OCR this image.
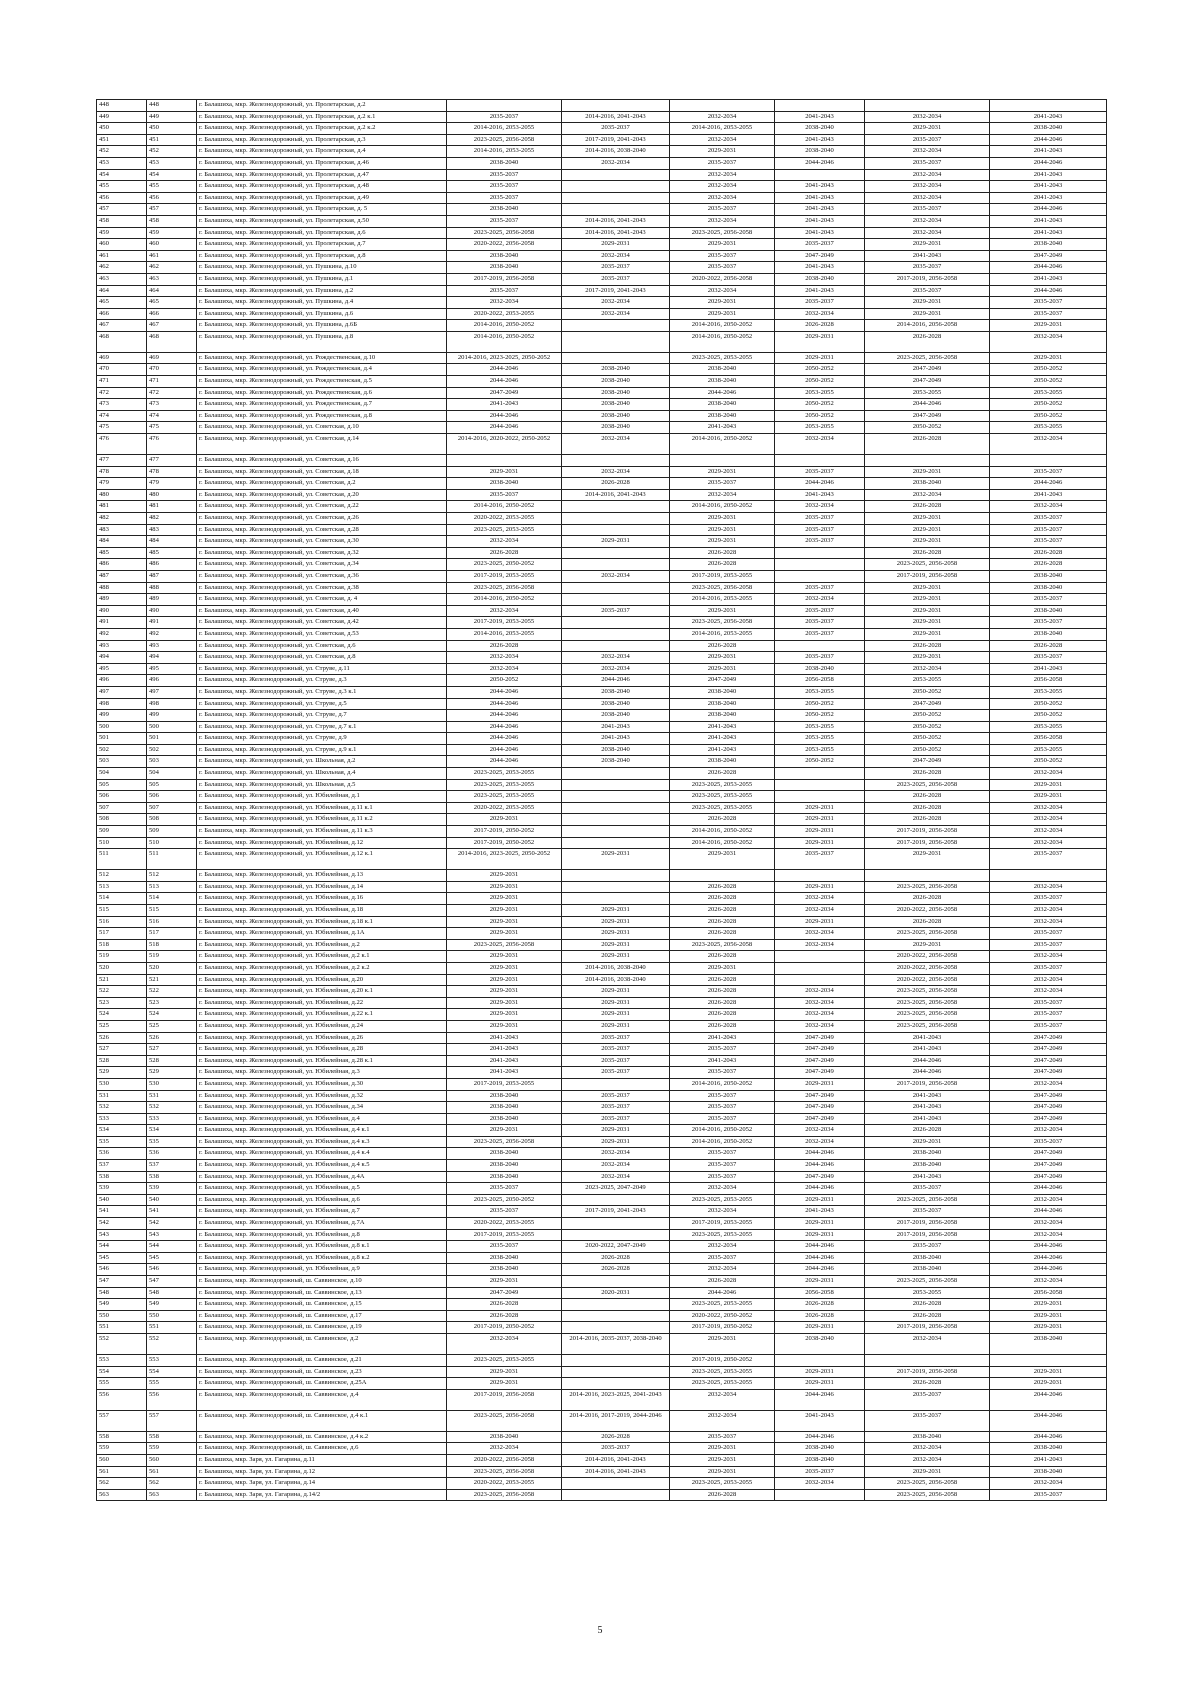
448	448	г. Балашиха, мкр. Железнодорожный, ул. Пролетарская, д.2						
449	449	г. Балашиха, мкр. Железнодорожный, ул. Пролетарская, д.2 к.1	2035-2037	2014-2016, 2041-2043	2032-2034	2041-2043	2032-2034	2041-2043
450	450	г. Балашиха, мкр. Железнодорожный, ул. Пролетарская, д.2 к.2	2014-2016, 2053-2055	2035-2037	2014-2016, 2053-2055	2038-2040	2029-2031	2038-2040
451	451	г. Балашиха, мкр. Железнодорожный, ул. Пролетарская, д.3	2023-2025, 2056-2058	2017-2019, 2041-2043	2032-2034	2041-2043	2035-2037	2044-2046
452	452	г. Балашиха, мкр. Железнодорожный, ул. Пролетарская, д.4	2014-2016, 2053-2055	2014-2016, 2038-2040	2029-2031	2038-2040	2032-2034	2041-2043
453	453	г. Балашиха, мкр. Железнодорожный, ул. Пролетарская, д.46	2038-2040	2032-2034	2035-2037	2044-2046	2035-2037	2044-2046
454	454	г. Балашиха, мкр. Железнодорожный, ул. Пролетарская, д.47	2035-2037		2032-2034		2032-2034	2041-2043
455	455	г. Балашиха, мкр. Железнодорожный, ул. Пролетарская, д.48	2035-2037		2032-2034	2041-2043	2032-2034	2041-2043
456	456	г. Балашиха, мкр. Железнодорожный, ул. Пролетарская, д.49	2035-2037		2032-2034	2041-2043	2032-2034	2041-2043
457	457	г. Балашиха, мкр. Железнодорожный, ул. Пролетарская, д. 5	2038-2040		2035-2037	2041-2043	2035-2037	2044-2046
458	458	г. Балашиха, мкр. Железнодорожный, ул. Пролетарская, д.50	2035-2037	2014-2016, 2041-2043	2032-2034	2041-2043	2032-2034	2041-2043
459	459	г. Балашиха, мкр. Железнодорожный, ул. Пролетарская, д.6	2023-2025, 2056-2058	2014-2016, 2041-2043	2023-2025, 2056-2058	2041-2043	2032-2034	2041-2043
460	460	г. Балашиха, мкр. Железнодорожный, ул. Пролетарская, д.7	2020-2022, 2056-2058	2029-2031	2029-2031	2035-2037	2029-2031	2038-2040
461	461	г. Балашиха, мкр. Железнодорожный, ул. Пролетарская, д.8	2038-2040	2032-2034	2035-2037	2047-2049	2041-2043	2047-2049
462	462	г. Балашиха, мкр. Железнодорожный, ул. Пушкина, д.10	2038-2040	2035-2037	2035-2037	2041-2043	2035-2037	2044-2046
463	463	г. Балашиха, мкр. Железнодорожный, ул. Пушкина, д.1	2017-2019, 2056-2058	2035-2037	2020-2022, 2056-2058	2038-2040	2017-2019, 2056-2058	2041-2043
464	464	г. Балашиха, мкр. Железнодорожный, ул. Пушкина, д.2	2035-2037	2017-2019, 2041-2043	2032-2034	2041-2043	2035-2037	2044-2046
465	465	г. Балашиха, мкр. Железнодорожный, ул. Пушкина, д.4	2032-2034	2032-2034	2029-2031	2035-2037	2029-2031	2035-2037
466	466	г. Балашиха, мкр. Железнодорожный, ул. Пушкина, д.6	2020-2022, 2053-2055	2032-2034	2029-2031	2032-2034	2029-2031	2035-2037
467	467	г. Балашиха, мкр. Железнодорожный, ул. Пушкина, д.6Б	2014-2016, 2050-2052		2014-2016, 2050-2052	2026-2028	2014-2016, 2056-2058	2029-2031
468	468	г. Балашиха, мкр. Железнодорожный, ул. Пушкина, д.8	2014-2016, 2050-2052		2014-2016, 2050-2052	2029-2031	2026-2028	2032-2034
469	469	г. Балашиха, мкр. Железнодорожный, ул. Рождественская, д.10	2014-2016, 2023-2025, 2050-2052		2023-2025, 2053-2055	2029-2031	2023-2025, 2056-2058	2029-2031
470	470	г. Балашиха, мкр. Железнодорожный, ул. Рождественская, д.4	2044-2046	2038-2040	2038-2040	2050-2052	2047-2049	2050-2052
471	471	г. Балашиха, мкр. Железнодорожный, ул. Рождественская, д.5	2044-2046	2038-2040	2038-2040	2050-2052	2047-2049	2050-2052
472	472	г. Балашиха, мкр. Железнодорожный, ул. Рождественская, д.6	2047-2049	2038-2040	2044-2046	2053-2055	2053-2055	2053-2055
473	473	г. Балашиха, мкр. Железнодорожный, ул. Рождественская, д.7	2041-2043	2038-2040	2038-2040	2050-2052	2044-2046	2050-2052
474	474	г. Балашиха, мкр. Железнодорожный, ул. Рождественская, д.8	2044-2046	2038-2040	2038-2040	2050-2052	2047-2049	2050-2052
475	475	г. Балашиха, мкр. Железнодорожный, ул. Советская, д.10	2044-2046	2038-2040	2041-2043	2053-2055	2050-2052	2053-2055
476	476	г. Балашиха, мкр. Железнодорожный, ул. Советская, д.14	2014-2016, 2020-2022, 2050-2052	2032-2034	2014-2016, 2050-2052	2032-2034	2026-2028	2032-2034
477	477	г. Балашиха, мкр. Железнодорожный, ул. Советская, д.16						
478	478	г. Балашиха, мкр. Железнодорожный, ул. Советская, д.18	2029-2031	2032-2034	2029-2031	2035-2037	2029-2031	2035-2037
479	479	г. Балашиха, мкр. Железнодорожный, ул. Советская, д.2	2038-2040	2026-2028	2035-2037	2044-2046	2038-2040	2044-2046
480	480	г. Балашиха, мкр. Железнодорожный, ул. Советская, д.20	2035-2037	2014-2016, 2041-2043	2032-2034	2041-2043	2032-2034	2041-2043
481	481	г. Балашиха, мкр. Железнодорожный, ул. Советская, д.22	2014-2016, 2050-2052		2014-2016, 2050-2052	2032-2034	2026-2028	2032-2034
482	482	г. Балашиха, мкр. Железнодорожный, ул. Советская, д.26	2020-2022, 2053-2055		2029-2031	2035-2037	2029-2031	2035-2037
483	483	г. Балашиха, мкр. Железнодорожный, ул. Советская, д.28	2023-2025, 2053-2055		2029-2031	2035-2037	2029-2031	2035-2037
484	484	г. Балашиха, мкр. Железнодорожный, ул. Советская, д.30	2032-2034	2029-2031	2029-2031	2035-2037	2029-2031	2035-2037
485	485	г. Балашиха, мкр. Железнодорожный, ул. Советская, д.32	2026-2028		2026-2028		2026-2028	2026-2028
486	486	г. Балашиха, мкр. Железнодорожный, ул. Советская, д.34	2023-2025, 2050-2052		2026-2028		2023-2025, 2056-2058	2026-2028
487	487	г. Балашиха, мкр. Железнодорожный, ул. Советская, д.36	2017-2019, 2053-2055	2032-2034	2017-2019, 2053-2055		2017-2019, 2056-2058	2038-2040
488	488	г. Балашиха, мкр. Железнодорожный, ул. Советская, д.38	2023-2025, 2056-2058		2023-2025, 2056-2058	2035-2037	2029-2031	2038-2040
489	489	г. Балашиха, мкр. Железнодорожный, ул. Советская, д. 4	2014-2016, 2050-2052		2014-2016, 2053-2055	2032-2034	2029-2031	2035-2037
490	490	г. Балашиха, мкр. Железнодорожный, ул. Советская, д.40	2032-2034	2035-2037	2029-2031	2035-2037	2029-2031	2038-2040
491	491	г. Балашиха, мкр. Железнодорожный, ул. Советская, д.42	2017-2019, 2053-2055		2023-2025, 2056-2058	2035-2037	2029-2031	2035-2037
492	492	г. Балашиха, мкр. Железнодорожный, ул. Советская, д.53	2014-2016, 2053-2055		2014-2016, 2053-2055	2035-2037	2029-2031	2038-2040
493	493	г. Балашиха, мкр. Железнодорожный, ул. Советская, д.6	2026-2028		2026-2028		2026-2028	2026-2028
494	494	г. Балашиха, мкр. Железнодорожный, ул. Советская, д.8	2032-2034	2032-2034	2029-2031	2035-2037	2029-2031	2035-2037
495	495	г. Балашиха, мкр. Железнодорожный, ул. Струве, д.11	2032-2034	2032-2034	2029-2031	2038-2040	2032-2034	2041-2043
496	496	г. Балашиха, мкр. Железнодорожный, ул. Струве, д.3	2050-2052	2044-2046	2047-2049	2056-2058	2053-2055	2056-2058
497	497	г. Балашиха, мкр. Железнодорожный, ул. Струве, д.3 к.1	2044-2046	2038-2040	2038-2040	2053-2055	2050-2052	2053-2055
498	498	г. Балашиха, мкр. Железнодорожный, ул. Струве, д.5	2044-2046	2038-2040	2038-2040	2050-2052	2047-2049	2050-2052
499	499	г. Балашиха, мкр. Железнодорожный, ул. Струве, д.7	2044-2046	2038-2040	2038-2040	2050-2052	2050-2052	2050-2052
500	500	г. Балашиха, мкр. Железнодорожный, ул. Струве, д.7 к.1	2044-2046	2041-2043	2041-2043	2053-2055	2050-2052	2053-2055
501	501	г. Балашиха, мкр. Железнодорожный, ул. Струве, д.9	2044-2046	2041-2043	2041-2043	2053-2055	2050-2052	2056-2058
502	502	г. Балашиха, мкр. Железнодорожный, ул. Струве, д.9 к.1	2044-2046	2038-2040	2041-2043	2053-2055	2050-2052	2053-2055
503	503	г. Балашиха, мкр. Железнодорожный, ул. Школьная, д.2	2044-2046	2038-2040	2038-2040	2050-2052	2047-2049	2050-2052
504	504	г. Балашиха, мкр. Железнодорожный, ул. Школьная, д.4	2023-2025, 2053-2055		2026-2028		2026-2028	2032-2034
505	505	г. Балашиха, мкр. Железнодорожный, ул. Школьная, д.5	2023-2025, 2053-2055		2023-2025, 2053-2055		2023-2025, 2056-2058	2029-2031
506	506	г. Балашиха, мкр. Железнодорожный, ул. Юбилейная, д.1	2023-2025, 2053-2055		2023-2025, 2053-2055		2026-2028	2029-2031
507	507	г. Балашиха, мкр. Железнодорожный, ул. Юбилейная, д.11 к.1	2020-2022, 2053-2055		2023-2025, 2053-2055	2029-2031	2026-2028	2032-2034
508	508	г. Балашиха, мкр. Железнодорожный, ул. Юбилейная, д.11 к.2	2029-2031		2026-2028	2029-2031	2026-2028	2032-2034
509	509	г. Балашиха, мкр. Железнодорожный, ул. Юбилейная, д.11 к.3	2017-2019, 2050-2052		2014-2016, 2050-2052	2029-2031	2017-2019, 2056-2058	2032-2034
510	510	г. Балашиха, мкр. Железнодорожный, ул. Юбилейная, д.12	2017-2019, 2050-2052		2014-2016, 2050-2052	2029-2031	2017-2019, 2056-2058	2032-2034
511	511	г. Балашиха, мкр. Железнодорожный, ул. Юбилейная, д.12 к.1	2014-2016, 2023-2025, 2050-2052	2029-2031	2029-2031	2035-2037	2029-2031	2035-2037
512	512	г. Балашиха, мкр. Железнодорожный, ул. Юбилейная, д.13	2029-2031					
513	513	г. Балашиха, мкр. Железнодорожный, ул. Юбилейная, д.14	2029-2031		2026-2028	2029-2031	2023-2025, 2056-2058	2032-2034
514	514	г. Балашиха, мкр. Железнодорожный, ул. Юбилейная, д.16	2029-2031		2026-2028	2032-2034	2026-2028	2035-2037
515	515	г. Балашиха, мкр. Железнодорожный, ул. Юбилейная, д.18	2029-2031	2029-2031	2026-2028	2032-2034	2020-2022, 2056-2058	2032-2034
516	516	г. Балашиха, мкр. Железнодорожный, ул. Юбилейная, д.18 к.1	2029-2031	2029-2031	2026-2028	2029-2031	2026-2028	2032-2034
517	517	г. Балашиха, мкр. Железнодорожный, ул. Юбилейная, д.1А	2029-2031	2029-2031	2026-2028	2032-2034	2023-2025, 2056-2058	2035-2037
518	518	г. Балашиха, мкр. Железнодорожный, ул. Юбилейная, д.2	2023-2025, 2056-2058	2029-2031	2023-2025, 2056-2058	2032-2034	2029-2031	2035-2037
519	519	г. Балашиха, мкр. Железнодорожный, ул. Юбилейная, д.2 к.1	2029-2031	2029-2031	2026-2028		2020-2022, 2056-2058	2032-2034
520	520	г. Балашиха, мкр. Железнодорожный, ул. Юбилейная, д.2 к.2	2029-2031	2014-2016, 2038-2040	2029-2031		2020-2022, 2056-2058	2035-2037
521	521	г. Балашиха, мкр. Железнодорожный, ул. Юбилейная, д.20	2029-2031	2014-2016, 2038-2040	2026-2028		2020-2022, 2056-2058	2032-2034
522	522	г. Балашиха, мкр. Железнодорожный, ул. Юбилейная, д.20 к.1	2029-2031	2029-2031	2026-2028	2032-2034	2023-2025, 2056-2058	2032-2034
523	523	г. Балашиха, мкр. Железнодорожный, ул. Юбилейная, д.22	2029-2031	2029-2031	2026-2028	2032-2034	2023-2025, 2056-2058	2035-2037
524	524	г. Балашиха, мкр. Железнодорожный, ул. Юбилейная, д.22 к.1	2029-2031	2029-2031	2026-2028	2032-2034	2023-2025, 2056-2058	2035-2037
525	525	г. Балашиха, мкр. Железнодорожный, ул. Юбилейная, д.24	2029-2031	2029-2031	2026-2028	2032-2034	2023-2025, 2056-2058	2035-2037
526	526	г. Балашиха, мкр. Железнодорожный, ул. Юбилейная, д.26	2041-2043	2035-2037	2041-2043	2047-2049	2041-2043	2047-2049
527	527	г. Балашиха, мкр. Железнодорожный, ул. Юбилейная, д.28	2041-2043	2035-2037	2035-2037	2047-2049	2041-2043	2047-2049
528	528	г. Балашиха, мкр. Железнодорожный, ул. Юбилейная, д.28 к.1	2041-2043	2035-2037	2041-2043	2047-2049	2044-2046	2047-2049
529	529	г. Балашиха, мкр. Железнодорожный, ул. Юбилейная, д.3	2041-2043	2035-2037	2035-2037	2047-2049	2044-2046	2047-2049
530	530	г. Балашиха, мкр. Железнодорожный, ул. Юбилейная, д.30	2017-2019, 2053-2055		2014-2016, 2050-2052	2029-2031	2017-2019, 2056-2058	2032-2034
531	531	г. Балашиха, мкр. Железнодорожный, ул. Юбилейная, д.32	2038-2040	2035-2037	2035-2037	2047-2049	2041-2043	2047-2049
532	532	г. Балашиха, мкр. Железнодорожный, ул. Юбилейная, д.34	2038-2040	2035-2037	2035-2037	2047-2049	2041-2043	2047-2049
533	533	г. Балашиха, мкр. Железнодорожный, ул. Юбилейная, д.4	2038-2040	2035-2037	2035-2037	2047-2049	2041-2043	2047-2049
534	534	г. Балашиха, мкр. Железнодорожный, ул. Юбилейная, д.4 к.1	2029-2031	2029-2031	2014-2016, 2050-2052	2032-2034	2026-2028	2032-2034
535	535	г. Балашиха, мкр. Железнодорожный, ул. Юбилейная, д.4 к.3	2023-2025, 2056-2058	2029-2031	2014-2016, 2050-2052	2032-2034	2029-2031	2035-2037
536	536	г. Балашиха, мкр. Железнодорожный, ул. Юбилейная, д.4 к.4	2038-2040	2032-2034	2035-2037	2044-2046	2038-2040	2047-2049
537	537	г. Балашиха, мкр. Железнодорожный, ул. Юбилейная, д.4 к.5	2038-2040	2032-2034	2035-2037	2044-2046	2038-2040	2047-2049
538	538	г. Балашиха, мкр. Железнодорожный, ул. Юбилейная, д.4А	2038-2040	2032-2034	2035-2037	2047-2049	2041-2043	2047-2049
539	539	г. Балашиха, мкр. Железнодорожный, ул. Юбилейная, д.5	2035-2037	2023-2025, 2047-2049	2032-2034	2044-2046	2035-2037	2044-2046
540	540	г. Балашиха, мкр. Железнодорожный, ул. Юбилейная, д.6	2023-2025, 2050-2052		2023-2025, 2053-2055	2029-2031	2023-2025, 2056-2058	2032-2034
541	541	г. Балашиха, мкр. Железнодорожный, ул. Юбилейная, д.7	2035-2037	2017-2019, 2041-2043	2032-2034	2041-2043	2035-2037	2044-2046
542	542	г. Балашиха, мкр. Железнодорожный, ул. Юбилейная, д.7А	2020-2022, 2053-2055		2017-2019, 2053-2055	2029-2031	2017-2019, 2056-2058	2032-2034
543	543	г. Балашиха, мкр. Железнодорожный, ул. Юбилейная, д.8	2017-2019, 2053-2055		2023-2025, 2053-2055	2029-2031	2017-2019, 2056-2058	2032-2034
544	544	г. Балашиха, мкр. Железнодорожный, ул. Юбилейная, д.8 к.1	2035-2037	2020-2022, 2047-2049	2032-2034	2044-2046	2035-2037	2044-2046
545	545	г. Балашиха, мкр. Железнодорожный, ул. Юбилейная, д.8 к.2	2038-2040	2026-2028	2035-2037	2044-2046	2038-2040	2044-2046
546	546	г. Балашиха, мкр. Железнодорожный, ул. Юбилейная, д.9	2038-2040	2026-2028	2032-2034	2044-2046	2038-2040	2044-2046
547	547	г. Балашиха, мкр. Железнодорожный, ш. Саввинское, д.10	2029-2031		2026-2028	2029-2031	2023-2025, 2056-2058	2032-2034
548	548	г. Балашиха, мкр. Железнодорожный, ш. Саввинское, д.13	2047-2049	2020-2031	2044-2046	2056-2058	2053-2055	2056-2058
549	549	г. Балашиха, мкр. Железнодорожный, ш. Саввинское, д.15	2026-2028		2023-2025, 2053-2055	2026-2028	2026-2028	2029-2031
550	550	г. Балашиха, мкр. Железнодорожный, ш. Саввинское, д.17	2026-2028		2020-2022, 2050-2052	2026-2028	2026-2028	2029-2031
551	551	г. Балашиха, мкр. Железнодорожный, ш. Саввинское, д.19	2017-2019, 2050-2052		2017-2019, 2050-2052	2029-2031	2017-2019, 2056-2058	2029-2031
552	552	г. Балашиха, мкр. Железнодорожный, ш. Саввинское, д.2	2032-2034	2014-2016, 2035-2037, 2038-2040	2029-2031	2038-2040	2032-2034	2038-2040
553	553	г. Балашиха, мкр. Железнодорожный, ш. Саввинское, д.21	2023-2025, 2053-2055		2017-2019, 2050-2052			
554	554	г. Балашиха, мкр. Железнодорожный, ш. Саввинское, д.23	2029-2031		2023-2025, 2053-2055	2029-2031	2017-2019, 2056-2058	2029-2031
555	555	г. Балашиха, мкр. Железнодорожный, ш. Саввинское, д.25А	2029-2031		2023-2025, 2053-2055	2029-2031	2026-2028	2029-2031
556	556	г. Балашиха, мкр. Железнодорожный, ш. Саввинское, д.4	2017-2019, 2056-2058	2014-2016, 2023-2025, 2041-2043	2032-2034	2044-2046	2035-2037	2044-2046
557	557	г. Балашиха, мкр. Железнодорожный, ш. Саввинское, д.4 к.1	2023-2025, 2056-2058	2014-2016, 2017-2019, 2044-2046	2032-2034	2041-2043	2035-2037	2044-2046
558	558	г. Балашиха, мкр. Железнодорожный, ш. Саввинское, д.4 к.2	2038-2040	2026-2028	2035-2037	2044-2046	2038-2040	2044-2046
559	559	г. Балашиха, мкр. Железнодорожный, ш. Саввинское, д.6	2032-2034	2035-2037	2029-2031	2038-2040	2032-2034	2038-2040
560	560	г. Балашиха, мкр. Заря, ул. Гагарина, д.11	2020-2022, 2056-2058	2014-2016, 2041-2043	2029-2031	2038-2040	2032-2034	2041-2043
561	561	г. Балашиха, мкр. Заря, ул. Гагарина, д.12	2023-2025, 2056-2058	2014-2016, 2041-2043	2029-2031	2035-2037	2029-2031	2038-2040
562	562	г. Балашиха, мкр. Заря, ул. Гагарина, д.14	2020-2022, 2053-2055		2023-2025, 2053-2055	2032-2034	2023-2025, 2056-2058	2032-2034
563	563	г. Балашиха, мкр. Заря, ул. Гагарина, д.14/2	2023-2025, 2056-2058		2026-2028		2023-2025, 2056-2058	2035-2037
5
